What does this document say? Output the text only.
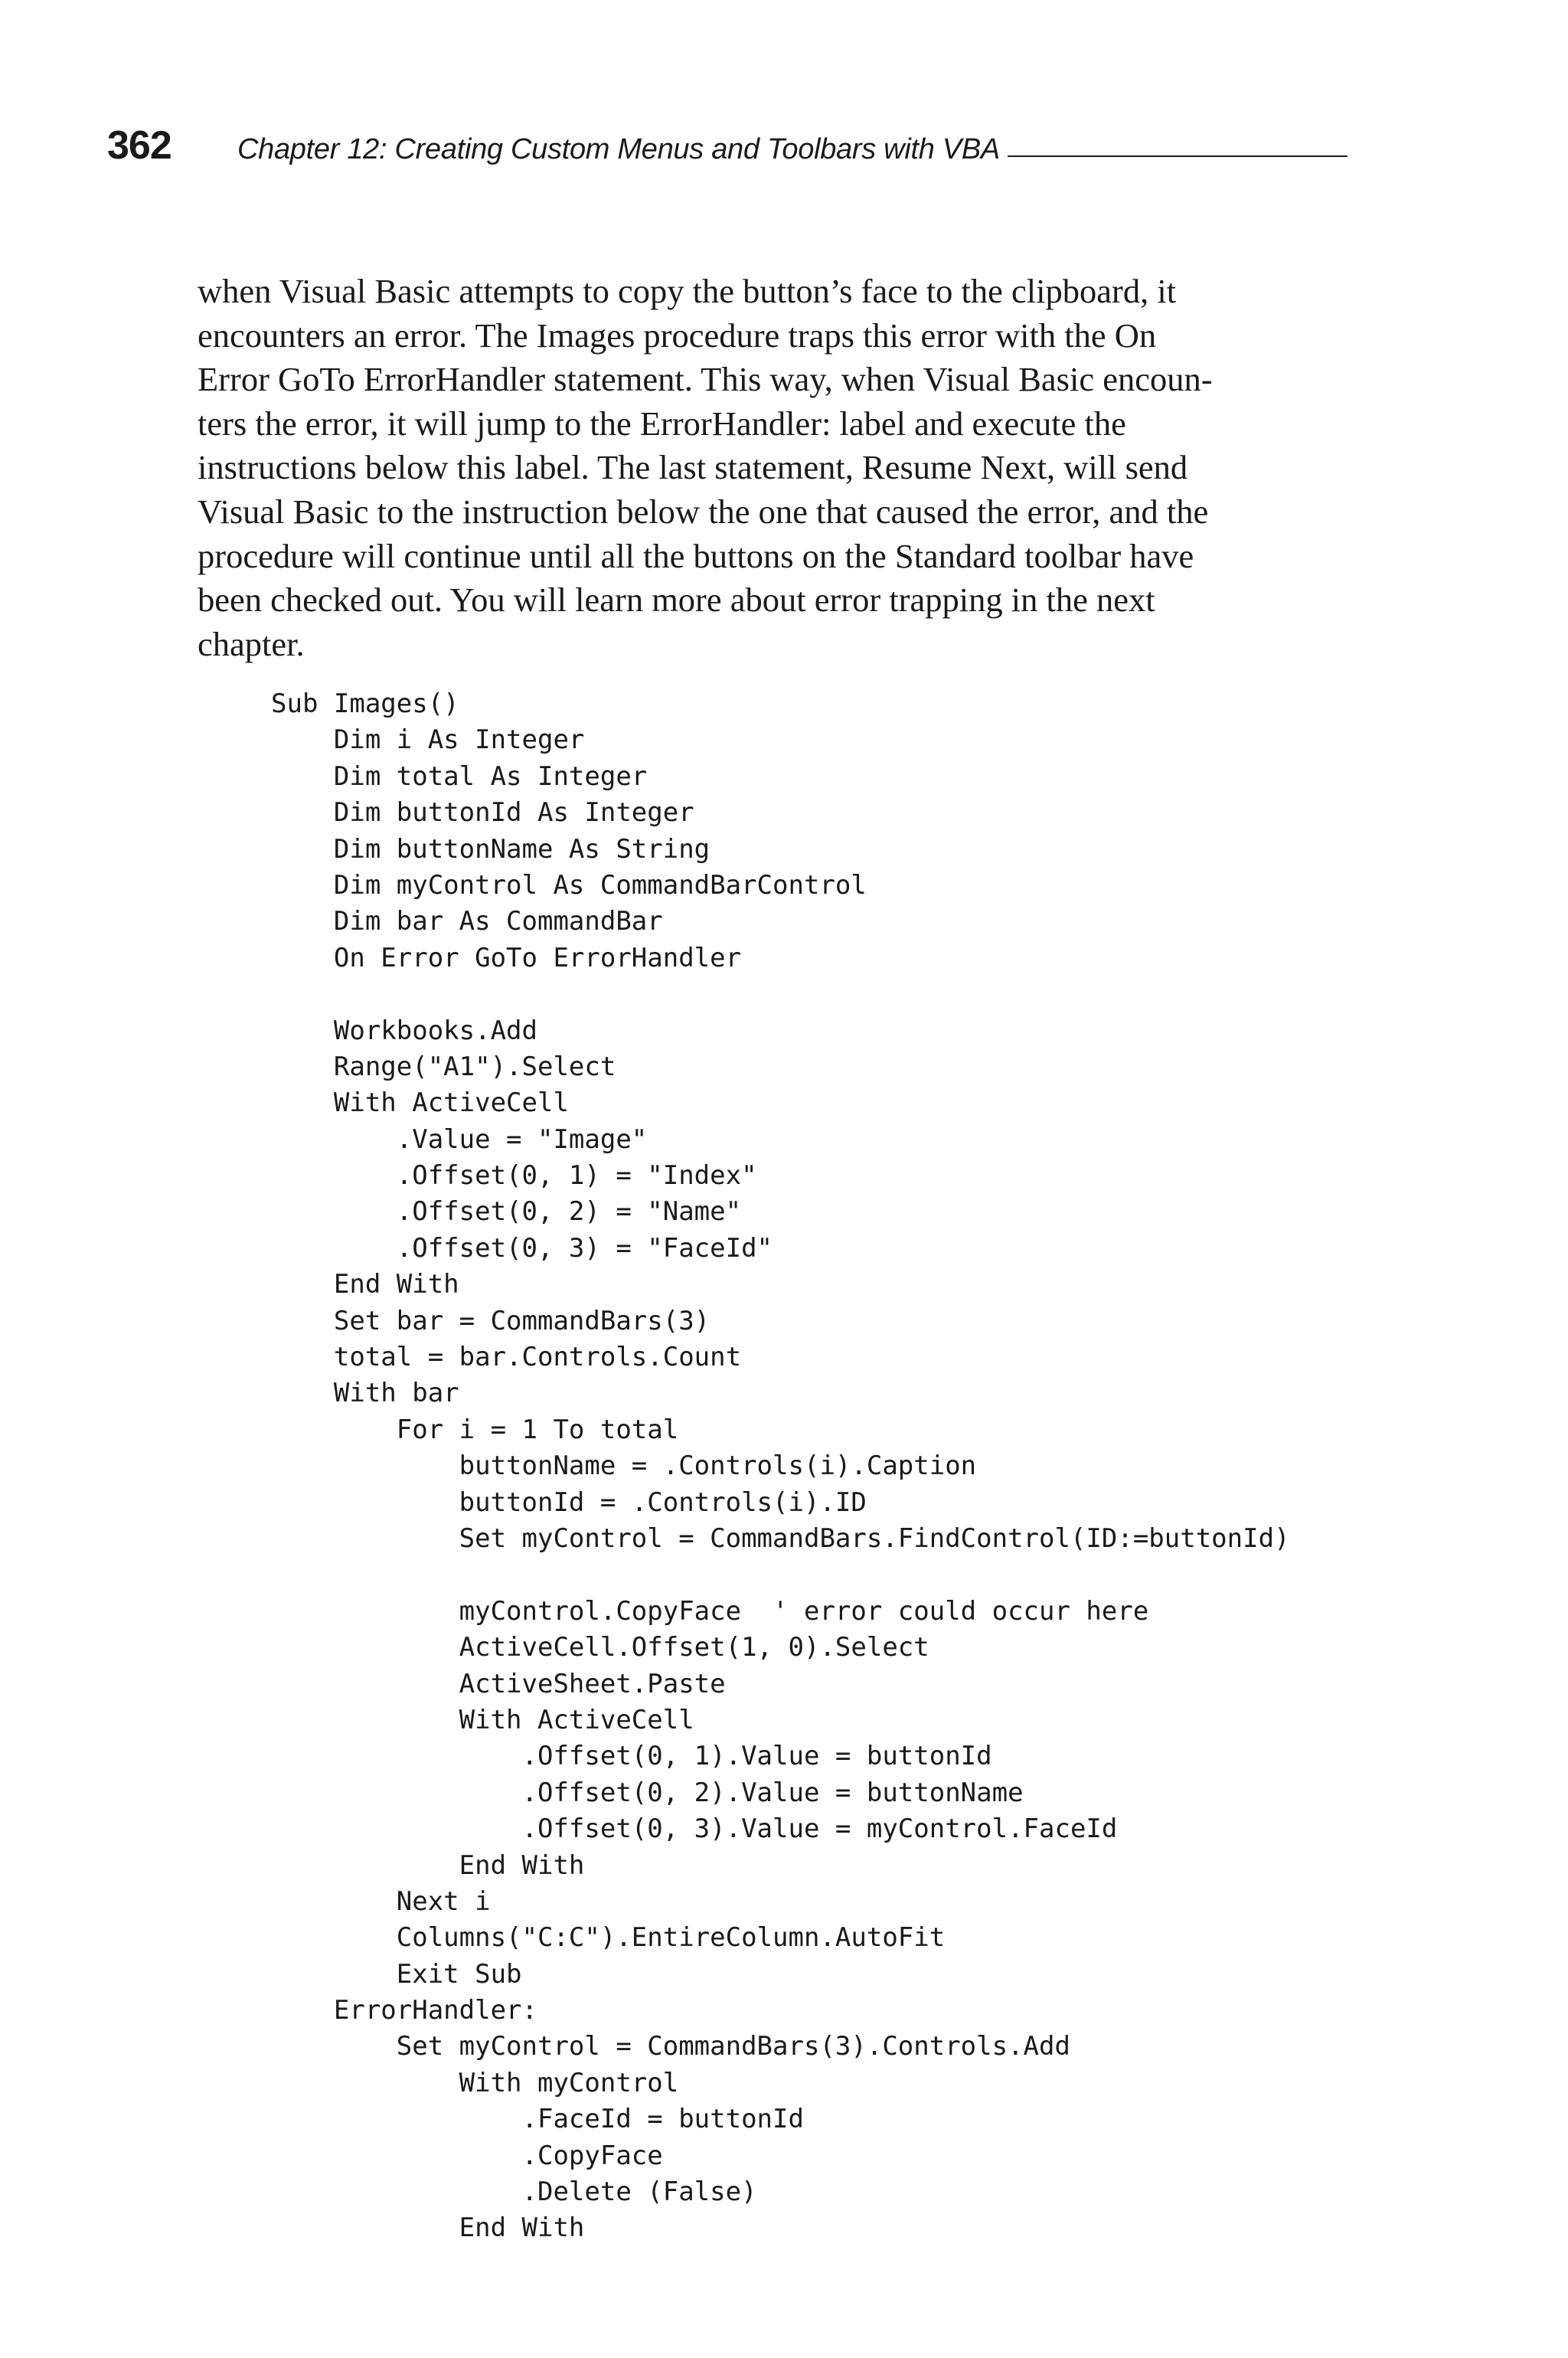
362	Chapter 12: Creating Custom Menus and Toolbars with VBA
when Visual Basic attempts to copy the button’s face to the clipboard, it
encounters an error. The Images procedure traps this error with the On
Error GoTo ErrorHandler statement. This way, when Visual Basic encoun-
ters the error, it will jump to the ErrorHandler: label and execute the
instructions below this label. The last statement, Resume Next, will send
Visual Basic to the instruction below the one that caused the error, and the
procedure will continue until all the buttons on the Standard toolbar have
been checked out. You will learn more about error trapping in the next
chapter.
Sub Images()
Dim i As Integer
Dim total As Integer
Dim buttonId As Integer
Dim buttonName As String
Dim myControl As CommandBarControl
Dim bar As CommandBar
On Error GoTo ErrorHandler
Workbooks.Add
Range("A1").Select
With ActiveCell
.Value = "Image"
.Offset(0, 1) = "Index"
.Offset(0, 2) = "Name"
.Offset(0, 3) = "FaceId"
End With
Set bar = CommandBars(3)
total = bar.Controls.Count
With bar
For i = 1 To total
buttonName = .Controls(i).Caption
buttonId = .Controls(i).ID
Set myControl = CommandBars.FindControl(ID:=buttonId)
myControl.CopyFace  ' error could occur here
ActiveCell.Offset(1, 0).Select
ActiveSheet.Paste
With ActiveCell
.Offset(0, 1).Value = buttonId
.Offset(0, 2).Value = buttonName
.Offset(0, 3).Value = myControl.FaceId
End With
Next i
Columns("C:C").EntireColumn.AutoFit
Exit Sub
ErrorHandler:
Set myControl = CommandBars(3).Controls.Add
With myControl
.FaceId = buttonId
.CopyFace
.Delete (False)
End With
